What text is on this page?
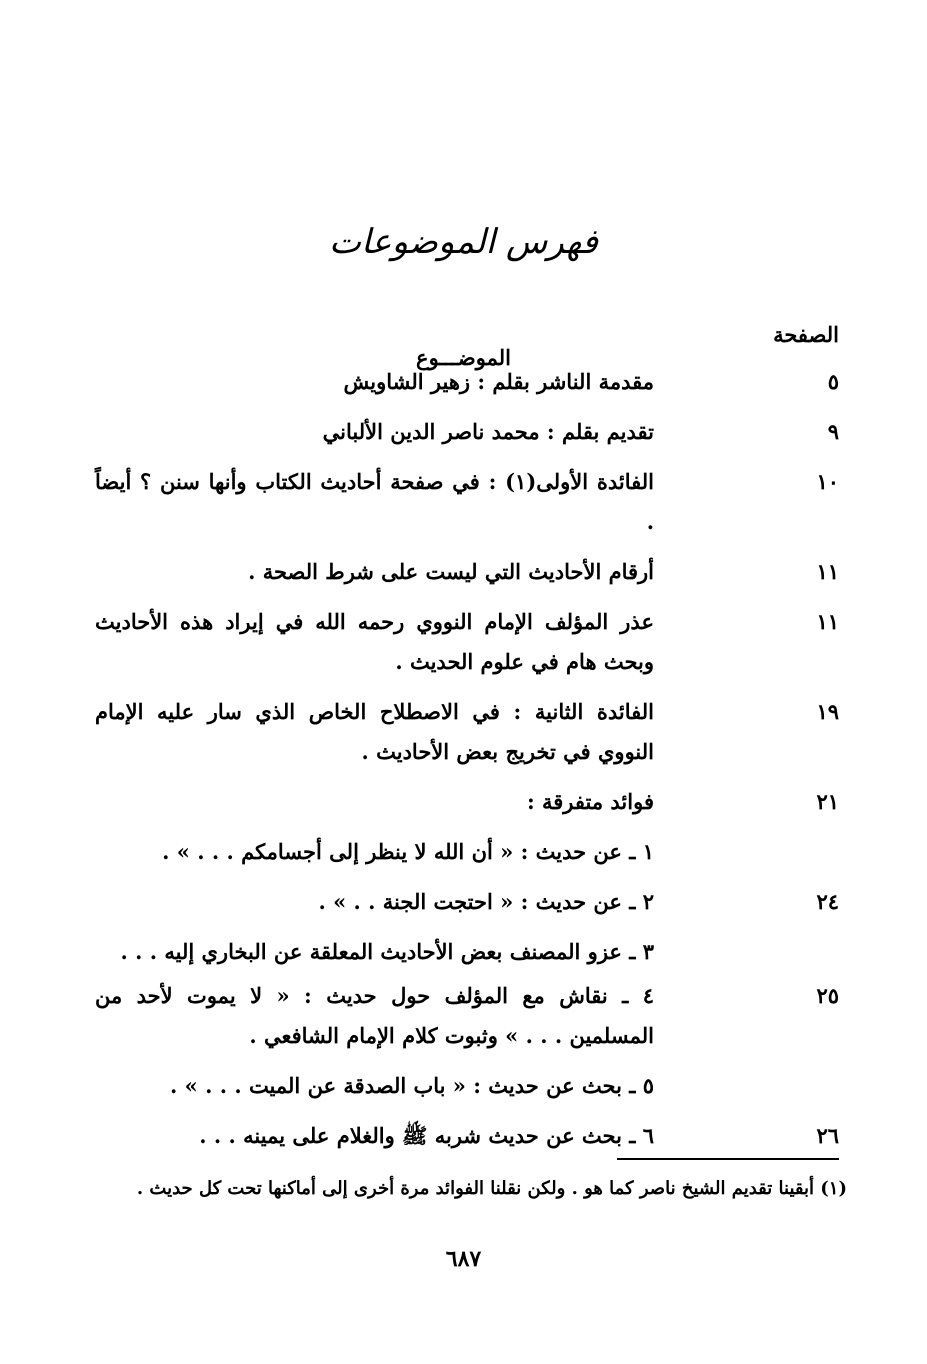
فهرس الموضوعات
الصفحة
الموضـــوع
٥
مقدمة الناشر بقلم : زهير الشاويش
٩
تقديم بقلم : محمد ناصر الدين الألباني
١٠
الفائدة الأولى(١) : في صفحة أحاديث الكتاب وأنها سنن ؟ أيضاً .
١١
أرقام الأحاديث التي ليست على شرط الصحة .
١١
عذر المؤلف الإمام النووي رحمه الله في إيراد هذه الأحاديث وبحث هام في علوم الحديث .
١٩
الفائدة الثانية : في الاصطلاح الخاص الذي سار عليه الإمام النووي في تخريج بعض الأحاديث .
٢١
فوائد متفرقة :
١ ـ عن حديث : « أن الله لا ينظر إلى أجسامكم . . . » .
٢٤
٢ ـ عن حديث : « احتجت الجنة . . » .
٣ ـ عزو المصنف بعض الأحاديث المعلقة عن البخاري إليه . . .
٢٥
٤ ـ نقاش مع المؤلف حول حديث : « لا يموت لأحد من المسلمين . . . » وثبوت كلام الإمام الشافعي .
٥ ـ بحث عن حديث : « باب الصدقة عن الميت . . . » .
٢٦
٦ ـ بحث عن حديث شربه ﷺ والغلام على يمينه . . .
(١) أبقينا تقديم الشيخ ناصر كما هو . ولكن نقلنا الفوائد مرة أخرى إلى أماكنها تحت كل حديث .
٦٨٧
